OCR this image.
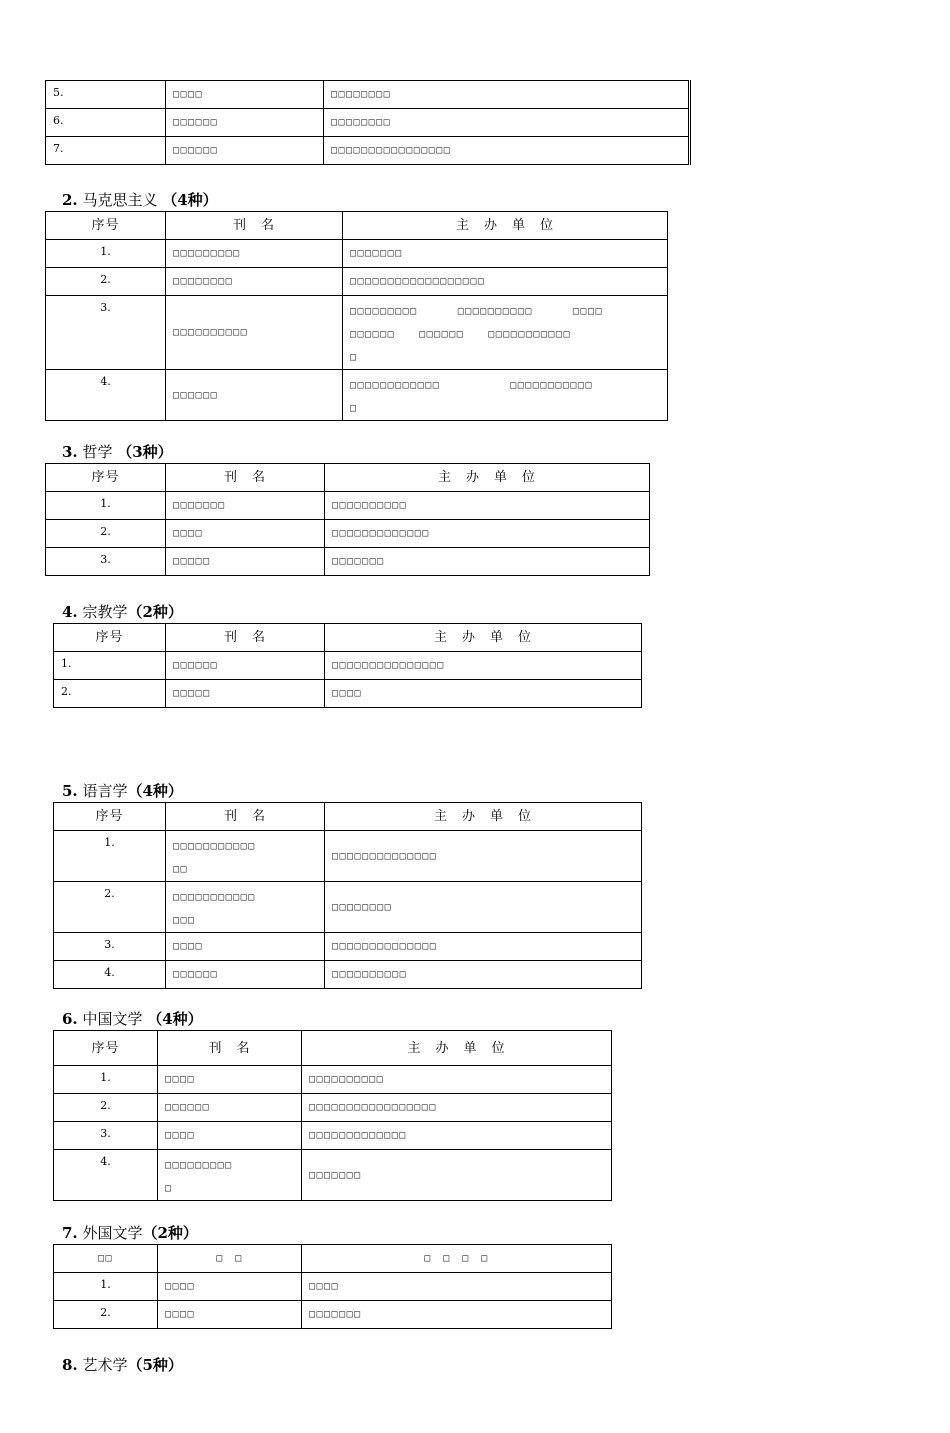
5.	□□□□	□□□□□□□□
6.	□□□□□□	□□□□□□□□
7.	□□□□□□	□□□□□□□□□□□□□□□□
2. 马克思主义 （4种）
序号	刊　名	主　办　单　位
1.	□□□□□□□□□	□□□□□□□
2.	□□□□□□□□	□□□□□□□□□□□□□□□□□□
3.	□□□□□□□□□□	□□□□□□□□□ □□□□□□□□□□ □□□□
□□□□□□ □□□□□□ □□□□□□□□□□□
□

4.	□□□□□□	□□□□□□□□□□□□ □□□□□□□□□□□
□
3. 哲学 （3种）
序号	刊　名	主　办　单　位
1.	□□□□□□□	□□□□□□□□□□
2.	□□□□	□□□□□□□□□□□□□
3.	□□□□□	□□□□□□□
4. 宗教学（2种）
序号	刊　名	主　办　单　位
1.	□□□□□□	□□□□□□□□□□□□□□□
2.	□□□□□	□□□□
5. 语言学（4种）
序号	刊　名	主　办　单　位
1.	□□□□□□□□□□□
□□	□□□□□□□□□□□□□□
2.	□□□□□□□□□□□
□□□	□□□□□□□□
3.	□□□□	□□□□□□□□□□□□□□
4.	□□□□□□	□□□□□□□□□□
6. 中国文学 （4种）
序号	刊　名	主　办　单　位
1.	□□□□	□□□□□□□□□□
2.	□□□□□□	□□□□□□□□□□□□□□□□□
3.	□□□□	□□□□□□□□□□□□□
4.	□□□□□□□□□
□	□□□□□□□
7. 外国文学（2种）
□□	□　□	□　□　□　□
1.	□□□□	□□□□
2.	□□□□	□□□□□□□
8. 艺术学（5种）
